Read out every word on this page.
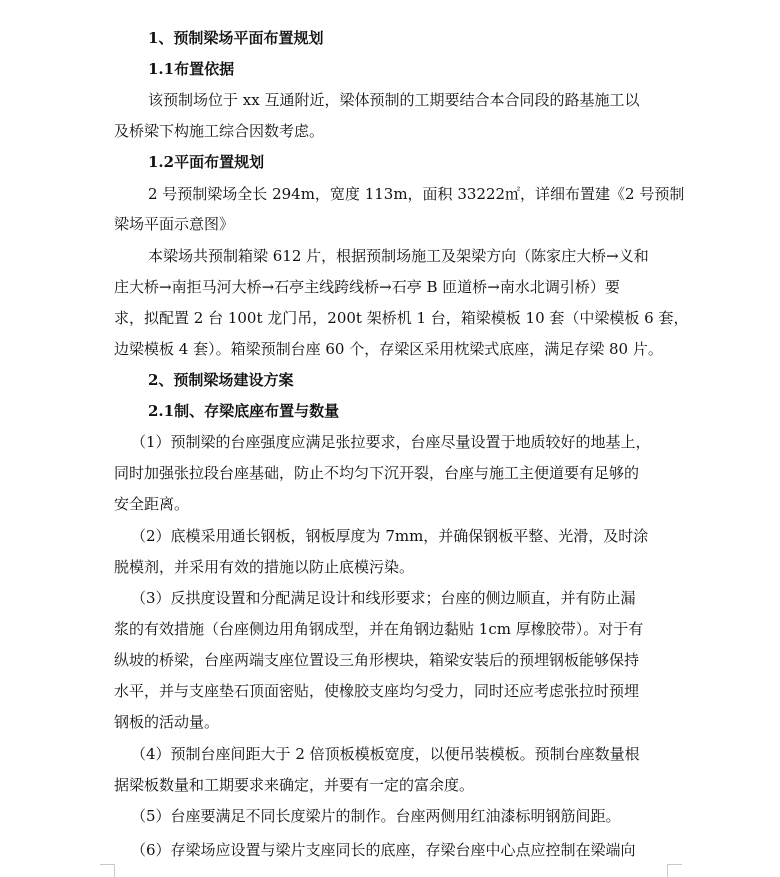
1、预制梁场平面布置规划
1.1布置依据
该预制场位于 xx 互通附近，梁体预制的工期要结合本合同段的路基施工以
及桥梁下构施工综合因数考虑。
1.2平面布置规划
2 号预制梁场全长 294m，宽度 113m，面积 33222㎡，详细布置建《2 号预制
梁场平面示意图》
本梁场共预制箱梁 612 片，根据预制场施工及架梁方向（陈家庄大桥→义和
庄大桥→南拒马河大桥→石亭主线跨线桥→石亭 B 匝道桥→南水北调引桥）要
求，拟配置 2 台 100t 龙门吊，200t 架桥机 1 台，箱梁模板 10 套（中梁模板 6 套，
边梁模板 4 套）。箱梁预制台座 60 个，存梁区采用枕梁式底座，满足存梁 80 片。
2、预制梁场建设方案
2.1制、存梁底座布置与数量
（1）预制梁的台座强度应满足张拉要求，台座尽量设置于地质较好的地基上，
同时加强张拉段台座基础，防止不均匀下沉开裂，台座与施工主便道要有足够的
安全距离。
（2）底模采用通长钢板，钢板厚度为 7mm，并确保钢板平整、光滑，及时涂
脱模剂，并采用有效的措施以防止底模污染。
（3）反拱度设置和分配满足设计和线形要求；台座的侧边顺直，并有防止漏
浆的有效措施（台座侧边用角钢成型，并在角钢边黏贴 1cm 厚橡胶带）。对于有
纵坡的桥梁，台座两端支座位置设三角形楔块，箱梁安装后的预埋钢板能够保持
水平，并与支座垫石顶面密贴，使橡胶支座均匀受力，同时还应考虑张拉时预埋
钢板的活动量。
（4）预制台座间距大于 2 倍顶板模板宽度，以便吊装模板。预制台座数量根
据梁板数量和工期要求来确定，并要有一定的富余度。
（5）台座要满足不同长度梁片的制作。台座两侧用红油漆标明钢筋间距。
（6）存梁场应设置与梁片支座同长的底座，存梁台座中心点应控制在梁端向
